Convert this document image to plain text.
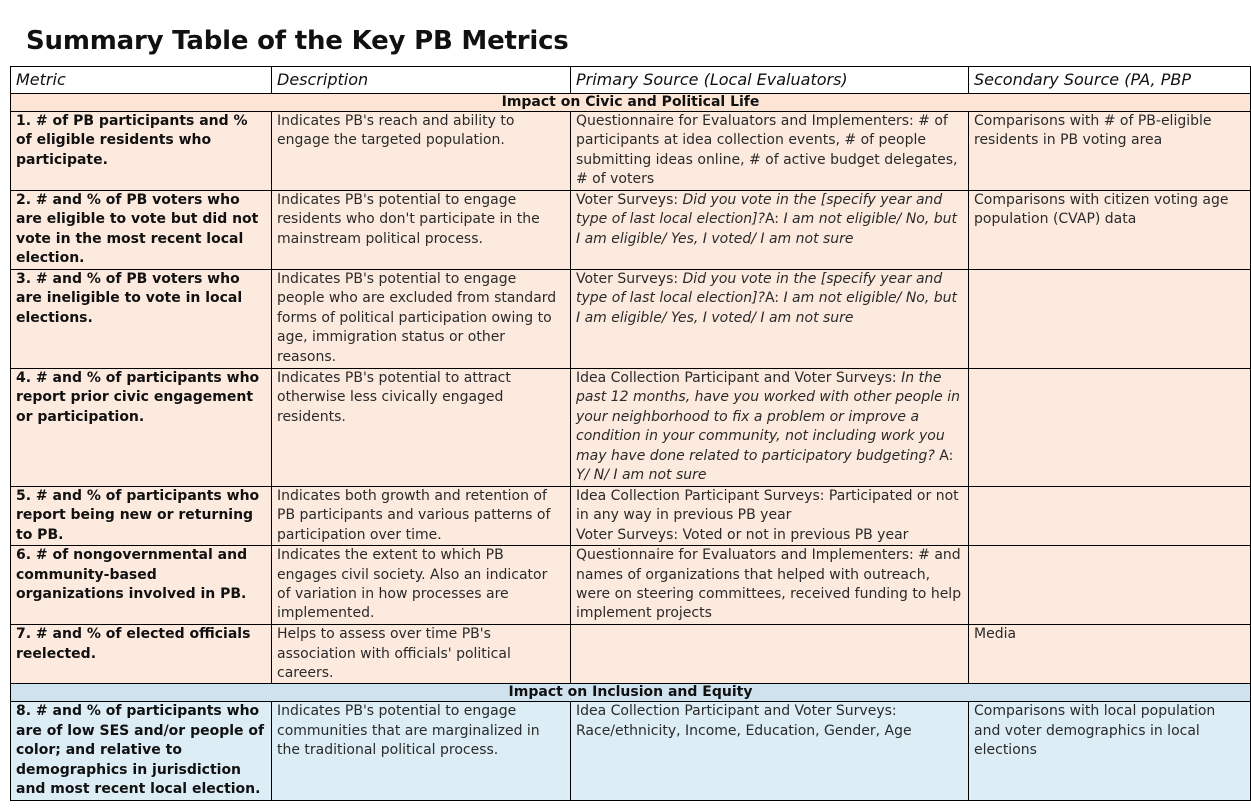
Summary Table of the Key PB Metrics
Metric	Description	Primary Source (Local Evaluators)	Secondary Source (PA, PBP
Impact on Civic and Political Life			
1. # of PB participants and % of eligible residents who participate.	Indicates PB's reach and ability to engage the targeted population.	Questionnaire for Evaluators and Implementers: # of participants at idea collection events, # of people submitting ideas online, # of active budget delegates, # of voters	Comparisons with # of PB-eligible residents in PB voting area
2. # and % of PB voters who are eligible to vote but did not vote in the most recent local election.	Indicates PB's potential to engage residents who don't participate in the mainstream political process.	Voter Surveys: Did you vote in the [specify year and type of last local election]?A: I am not eligible/ No, but I am eligible/ Yes, I voted/ I am not sure	Comparisons with citizen voting age population (CVAP) data
3. # and % of PB voters who are ineligible to vote in local elections.	Indicates PB's potential to engage people who are excluded from standard forms of political participation owing to age, immigration status or other reasons.	Voter Surveys: Did you vote in the [specify year and type of last local election]?A: I am not eligible/ No, but I am eligible/ Yes, I voted/ I am not sure	
4. # and % of participants who report prior civic engagement or participation.	Indicates PB's potential to attract otherwise less civically engaged residents.	Idea Collection Participant and Voter Surveys: In the past 12 months, have you worked with other people in your neighborhood to fix a problem or improve a condition in your community, not including work you may have done related to participatory budgeting? A: Y/ N/ I am not sure	
5. # and % of participants who report being new or returning to PB.	Indicates both growth and retention of PB participants and various patterns of participation over time.	Idea Collection Participant Surveys: Participated or not in any way in previous PB year
Voter Surveys: Voted or not in previous PB year	

6. # of nongovernmental and community-based organizations involved in PB.	Indicates the extent to which PB engages civil society. Also an indicator of variation in how processes are implemented.	Questionnaire for Evaluators and Implementers: # and names of organizations that helped with outreach, were on steering committees, received funding to help implement projects	
7. # and % of elected officials reelected.	Helps to assess over time PB's association with officials' political careers.		Media
Impact on Inclusion and Equity			
8. # and % of participants who are of low SES and/or people of color; and relative to demographics in jurisdiction and most recent local election.	Indicates PB's potential to engage communities that are marginalized in the traditional political process.	Idea Collection Participant and Voter Surveys: Race/ethnicity, Income, Education, Gender, Age	Comparisons with local population and voter demographics in local elections
